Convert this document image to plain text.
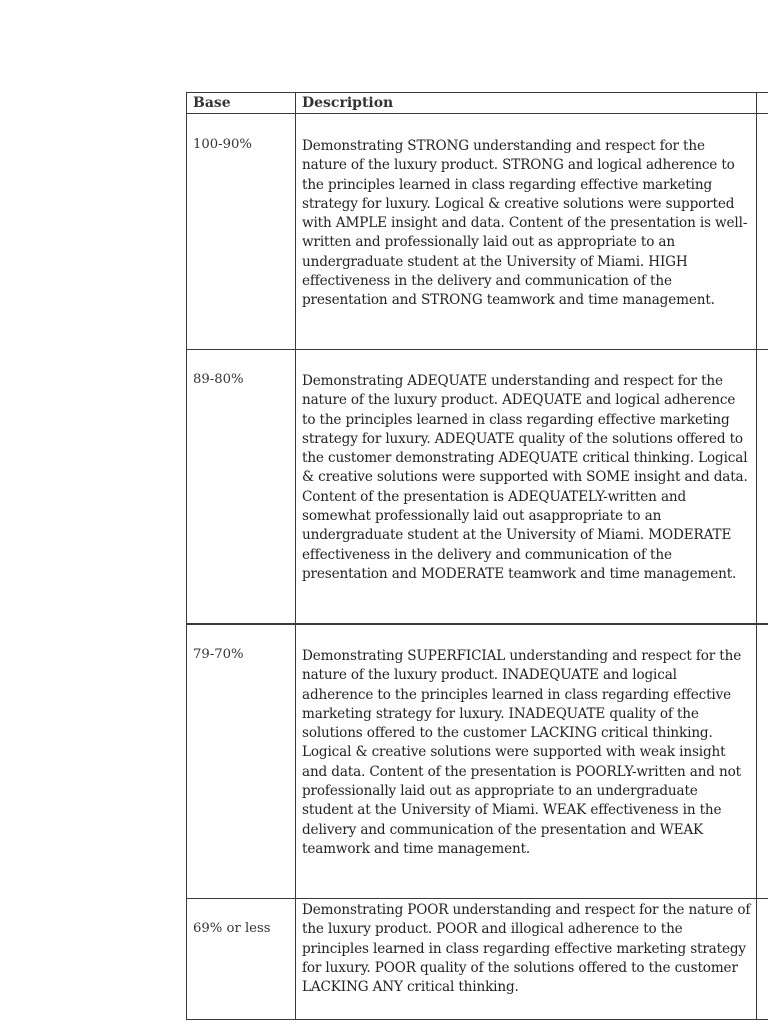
Base	Description	
100-90%	Demonstrating STRONG understanding and respect for the nature of the luxury product. STRONG and logical adherence to the principles learned in class regarding effective marketing strategy for luxury. Logical & creative solutions were supported with AMPLE insight and data. Content of the presentation is well-written and professionally laid out as appropriate to an undergraduate student at the University of Miami. HIGH effectiveness in the delivery and communication of the presentation and STRONG teamwork and time management.	

89-80%	Demonstrating ADEQUATE understanding and respect for the nature of the luxury product. ADEQUATE and logical adherence to the principles learned in class regarding effective marketing strategy for luxury. ADEQUATE quality of the solutions offered to the customer demonstrating ADEQUATE critical thinking. Logical & creative solutions were supported with SOME insight and data. Content of the presentation is ADEQUATELY-written and somewhat professionally laid out asappropriate to an undergraduate student at the University of Miami. MODERATE effectiveness in the delivery and communication of the presentation and MODERATE teamwork and time management.	

79-70%	Demonstrating SUPERFICIAL understanding and respect for the nature of the luxury product. INADEQUATE and logical adherence to the principles learned in class regarding effective marketing strategy for luxury. INADEQUATE quality of the solutions offered to the customer LACKING critical thinking. Logical & creative solutions were supported with weak insight and data. Content of the presentation is POORLY-written and not professionally laid out as appropriate to an undergraduate student at the University of Miami. WEAK effectiveness in the delivery and communication of the presentation and WEAK teamwork and time management.	

69% or less	Demonstrating POOR understanding and respect for the nature of the luxury product. POOR and illogical adherence to the principles learned in class regarding effective marketing strategy for luxury. POOR quality of the solutions offered to the customer LACKING ANY critical thinking.	
